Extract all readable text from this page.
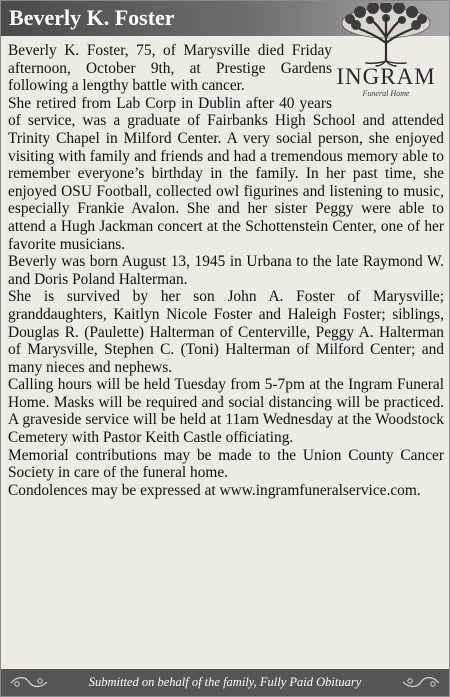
Beverly K. Foster
INGRAM
Funeral Home

Beverly K. Foster, 75, of Marysville died Friday afternoon, October 9th, at Prestige Gardens following a lengthy battle with cancer.

She retired from Lab Corp in Dublin after 40 years of service, was a graduate of Fairbanks High School and attended Trinity Chapel in Milford Center. A very social person, she enjoyed visiting with family and friends and had a tremendous memory able to remember everyone’s birthday in the family. In her past time, she enjoyed OSU Football, collected owl figurines and listening to music, especially Frankie Avalon. She and her sister Peggy were able to attend a Hugh Jackman concert at the Schottenstein Center, one of her favorite musicians.

Beverly was born August 13, 1945 in Urbana to the late Raymond W. and Doris Poland Halterman.

She is survived by her son John A. Foster of Marysville; granddaughters, Kaitlyn Nicole Foster and Haleigh Foster; siblings, Douglas R. (Paulette) Halterman of Centerville, Peggy A. Halterman of Marysville, Stephen C. (Toni) Halterman of Milford Center; and many nieces and nephews.

Calling hours will be held Tuesday from 5-7pm at the Ingram Funeral Home. Masks will be required and social distancing will be practiced. A graveside service will be held at 11am Wednesday at the Woodstock Cemetery with Pastor Keith Castle officiating.

Memorial contributions may be made to the Union County Cancer Society in care of the funeral home.

Condolences may be expressed at www.ingramfuneralservice.com.

Submitted on behalf of the family, Fully Paid Obituary
